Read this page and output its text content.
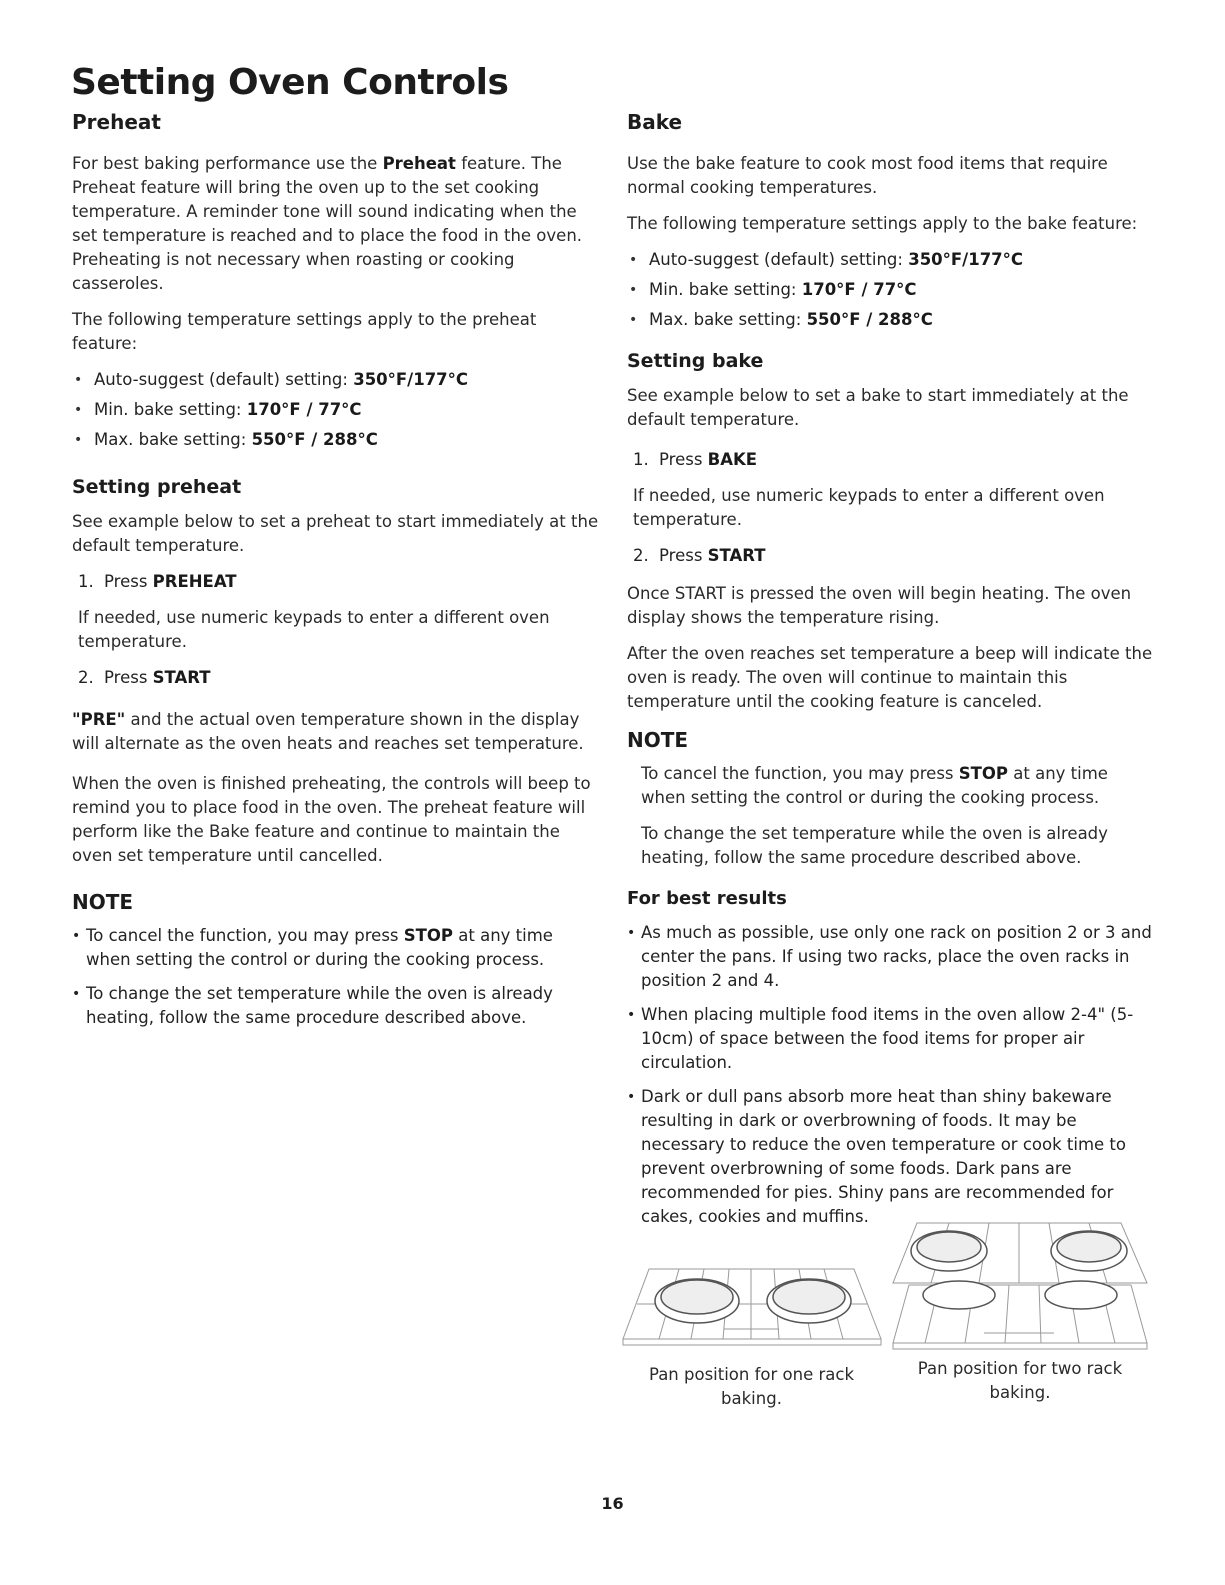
Setting Oven Controls
Preheat

For best baking performance use the Preheat feature. The Preheat feature will bring the oven up to the set cooking temperature. A reminder tone will sound indicating when the set temperature is reached and to place the food in the oven. Preheating is not necessary when roasting or cooking casseroles.

The following temperature settings apply to the preheat feature:

• Auto-suggest (default) setting: 350°F/177°C
• Min. bake setting: 170°F / 77°C
• Max. bake setting: 550°F / 288°C
Setting preheat

See example below to set a preheat to start immediately at the default temperature.

1. Press PREHEAT

If needed, use numeric keypads to enter a different oven temperature.

2. Press START

"PRE" and the actual oven temperature shown in the display will alternate as the oven heats and reaches set temperature.

When the oven is finished preheating, the controls will beep to remind you to place food in the oven. The preheat feature will perform like the Bake feature and continue to maintain the oven set temperature until cancelled.

NOTE
• To cancel the function, you may press STOP at any time when setting the control or during the cooking process.
• To change the set temperature while the oven is already heating, follow the same procedure described above.
Bake

Use the bake feature to cook most food items that require normal cooking temperatures.

The following temperature settings apply to the bake feature:

• Auto-suggest (default) setting: 350°F/177°C
• Min. bake setting: 170°F / 77°C
• Max. bake setting: 550°F / 288°C
Setting bake

See example below to set a bake to start immediately at the default temperature.

1. Press BAKE

If needed, use numeric keypads to enter a different oven temperature.

2. Press START

Once START is pressed the oven will begin heating. The oven display shows the temperature rising.

After the oven reaches set temperature a beep will indicate the oven is ready. The oven will continue to maintain this temperature until the cooking feature is canceled.

NOTE

To cancel the function, you may press STOP at any time when setting the control or during the cooking process.

To change the set temperature while the oven is already heating, follow the same procedure described above.

For best results
• As much as possible, use only one rack on position 2 or 3 and center the pans. If using two racks, place the oven racks in position 2 and 4.
• When placing multiple food items in the oven allow 2-4" (5-10cm) of space between the food items for proper air circulation.
• Dark or dull pans absorb more heat than shiny bakeware resulting in dark or overbrowning of foods. It may be necessary to reduce the oven temperature or cook time to prevent overbrowning of some foods. Dark pans are recommended for pies. Shiny pans are recommended for cakes, cookies and muffins.
Pan position for one rack baking.
Pan position for two rack baking.
16
